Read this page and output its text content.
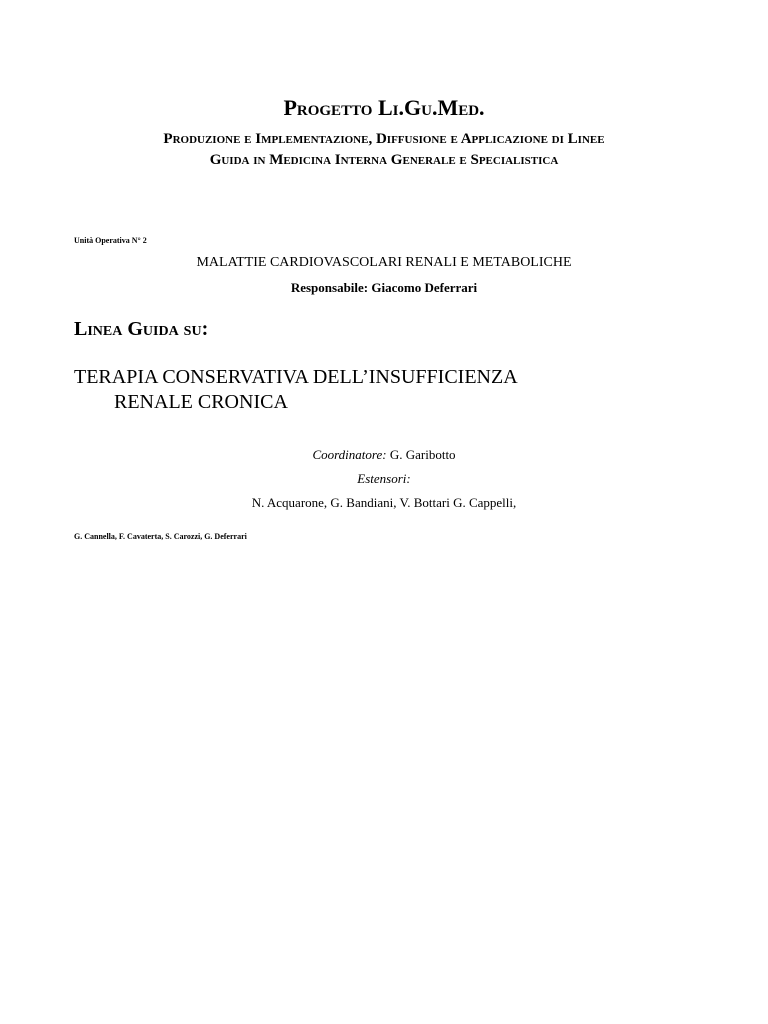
Progetto Li.Gu.Med.
Produzione e Implementazione, Diffusione e Applicazione di Linee
Guida in Medicina Interna Generale e Specialistica
Unità Operativa N° 2
MALATTIE CARDIOVASCOLARI RENALI E METABOLICHE
Responsabile: Giacomo Deferrari
Linea Guida su:
TERAPIA CONSERVATIVA DELL’INSUFFICIENZA
RENALE CRONICA
Coordinatore: G. Garibotto
Estensori:
N. Acquarone, G. Bandiani, V. Bottari G. Cappelli,
G. Cannella, F. Cavaterta, S. Carozzi, G. Deferrari
